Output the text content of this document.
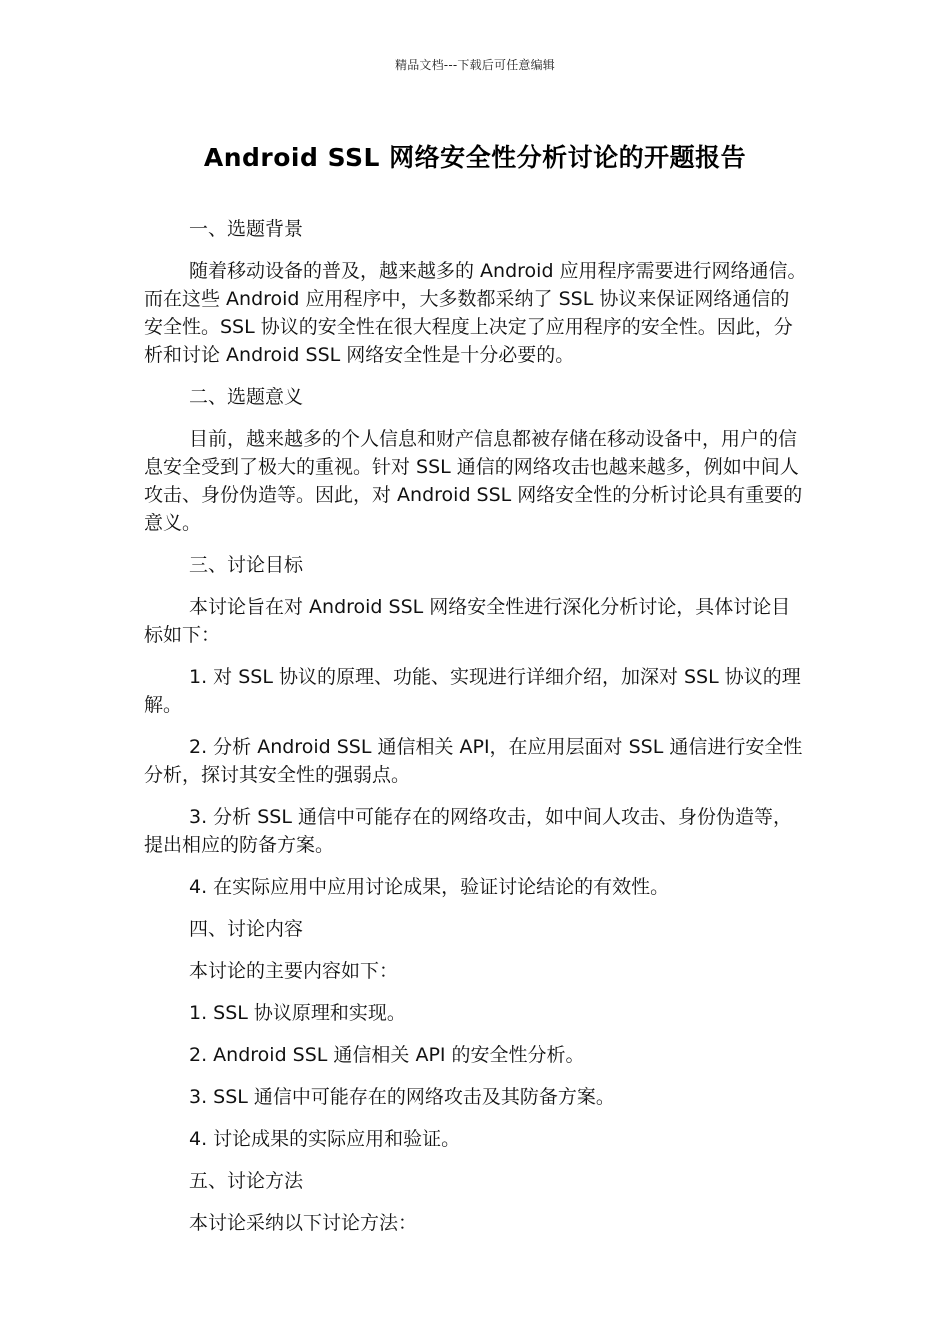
精品文档---下载后可任意编辑
Android SSL 网络安全性分析讨论的开题报告

一、选题背景

随着移动设备的普及，越来越多的 Android 应用程序需要进行网络通信。而在这些 Android 应用程序中，大多数都采纳了 SSL 协议来保证网络通信的安全性。SSL 协议的安全性在很大程度上决定了应用程序的安全性。因此，分析和讨论 Android SSL 网络安全性是十分必要的。

二、选题意义

目前，越来越多的个人信息和财产信息都被存储在移动设备中，用户的信息安全受到了极大的重视。针对 SSL 通信的网络攻击也越来越多，例如中间人攻击、身份伪造等。因此，对 Android SSL 网络安全性的分析讨论具有重要的意义。

三、讨论目标

本讨论旨在对 Android SSL 网络安全性进行深化分析讨论，具体讨论目标如下：

1. 对 SSL 协议的原理、功能、实现进行详细介绍，加深对 SSL 协议的理解。

2. 分析 Android SSL 通信相关 API，在应用层面对 SSL 通信进行安全性分析，探讨其安全性的强弱点。

3. 分析 SSL 通信中可能存在的网络攻击，如中间人攻击、身份伪造等，提出相应的防备方案。

4. 在实际应用中应用讨论成果，验证讨论结论的有效性。

四、讨论内容

本讨论的主要内容如下：

1. SSL 协议原理和实现。

2. Android SSL 通信相关 API 的安全性分析。

3. SSL 通信中可能存在的网络攻击及其防备方案。

4. 讨论成果的实际应用和验证。

五、讨论方法

本讨论采纳以下讨论方法：
